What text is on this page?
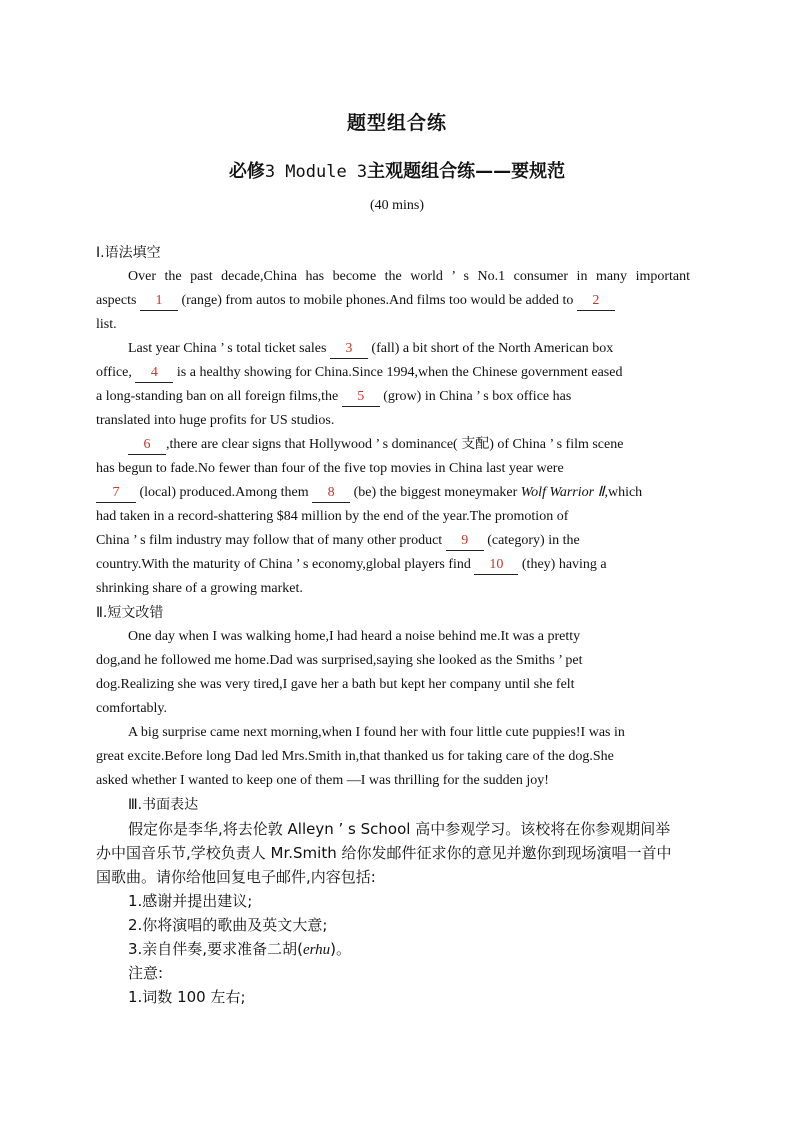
题型组合练
必修3 Module 3主观题组合练——要规范
(40 mins)
Ⅰ.语法填空
Over the past decade,China has become the world ’ s No.1 consumer in many important
aspects 1 (range) from autos to mobile phones.And films too would be added to 2
list.
Last year China ’ s total ticket sales 3 (fall) a bit short of the North American box
office, 4 is a healthy showing for China.Since 1994,when the Chinese government eased
a long-standing ban on all foreign films,the 5 (grow) in China ’ s box office has
translated into huge profits for US studios.
6 ,there are clear signs that Hollywood ’ s dominance( 支配) of China ’ s film scene
has begun to fade.No fewer than four of the five top movies in China last year were
7 (local) produced.Among them 8 (be) the biggest moneymaker Wolf Warrior Ⅱ,which
had taken in a record-shattering $84 million by the end of the year.The promotion of
China ’ s film industry may follow that of many other product 9 (category) in the
country.With the maturity of China ’ s economy,global players find 10 (they) having a
shrinking share of a growing market.
Ⅱ.短文改错
One day when I was walking home,I had heard a noise behind me.It was a pretty
dog,and he followed me home.Dad was surprised,saying she looked as the Smiths ’ pet
dog.Realizing she was very tired,I gave her a bath but kept her company until she felt
comfortably.
A big surprise came next morning,when I found her with four little cute puppies!I was in
great excite.Before long Dad led Mrs.Smith in,that thanked us for taking care of the dog.She
asked whether I wanted to keep one of them —I was thrilling for the sudden joy!
Ⅲ.书面表达
假定你是李华,将去伦敦 Alleyn ’ s School 高中参观学习。该校将在你参观期间举
办中国音乐节,学校负责人 Mr.Smith 给你发邮件征求你的意见并邀你到现场演唱一首中
国歌曲。请你给他回复电子邮件,内容包括:
1.感谢并提出建议;
2.你将演唱的歌曲及英文大意;
3.亲自伴奏,要求准备二胡(erhu)。
注意:
1.词数 100 左右;
